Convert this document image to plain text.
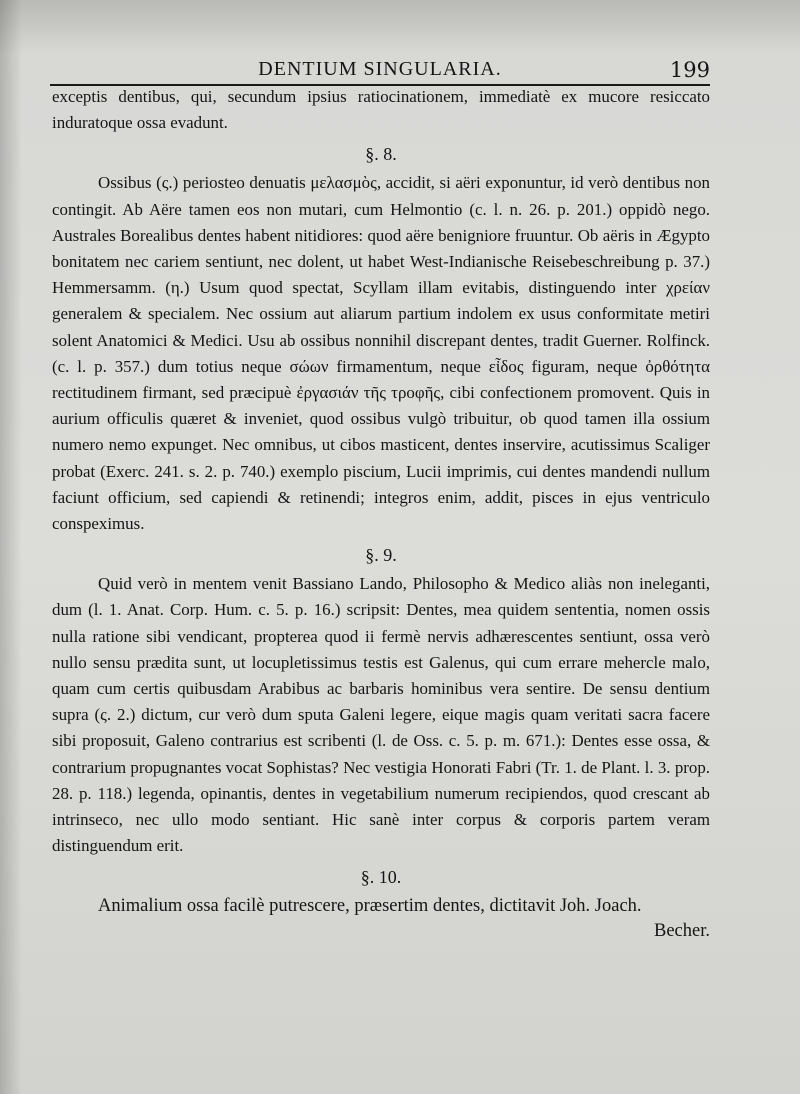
DENTIUM SINGULARIA.	199

exceptis dentibus, qui, secundum ipsius ratiocinationem, immediatè ex mucore resiccato induratoque ossa evadunt.

§. 8.

Ossibus (ς.) periosteo denuatis μελασμὸς, accidit, si aëri exponuntur, id verò dentibus non contingit. Ab Aëre tamen eos non mutari, cum Helmontio (c. l. n. 26. p. 201.) oppidò nego. Australes Borealibus dentes habent nitidiores: quod aëre benigniore fruuntur. Ob aëris in Ægypto bonitatem nec cariem sentiunt, nec dolent, ut habet West-Indianische Reisebeschreibung p. 37.) Hemmersamm. (η.) Usum quod spectat, Scyllam illam evitabis, distinguendo inter χρείαν generalem & specialem. Nec ossium aut aliarum partium indolem ex usus conformitate metiri solent Anatomici & Medici. Usu ab ossibus nonnihil discrepant dentes, tradit Guerner. Rolfinck. (c. l. p. 357.) dum totius neque σώων firmamentum, neque εἶδος figuram, neque ὀρθότητα rectitudinem firmant, sed præcipuè ἐργασιάν τῆς τροφῆς, cibi confectionem promovent. Quis in aurium officulis quæret & inveniet, quod ossibus vulgò tribuitur, ob quod tamen illa ossium numero nemo expunget. Nec omnibus, ut cibos masticent, dentes inservire, acutissimus Scaliger probat (Exerc. 241. s. 2. p. 740.) exemplo piscium, Lucii imprimis, cui dentes mandendi nullum faciunt officium, sed capiendi & retinendi; integros enim, addit, pisces in ejus ventriculo conspeximus.

§. 9.

Quid verò in mentem venit Bassiano Lando, Philosopho & Medico aliàs non ineleganti, dum (l. 1. Anat. Corp. Hum. c. 5. p. 16.) scripsit: Dentes, mea quidem sententia, nomen ossis nulla ratione sibi vendicant, propterea quod ii fermè nervis adhærescentes sentiunt, ossa verò nullo sensu prædita sunt, ut locupletissimus testis est Galenus, qui cum errare mehercle malo, quam cum certis quibusdam Arabibus ac barbaris hominibus vera sentire. De sensu dentium supra (ς. 2.) dictum, cur verò dum sputa Galeni legere, eique magis quam veritati sacra facere sibi proposuit, Galeno contrarius est scribenti (l. de Oss. c. 5. p. m. 671.): Dentes esse ossa, & contrarium propugnantes vocat Sophistas? Nec vestigia Honorati Fabri (Tr. 1. de Plant. l. 3. prop. 28. p. 118.) legenda, opinantis, dentes in vegetabilium numerum recipiendos, quod crescant ab intrinseco, nec ullo modo sentiant. Hic sanè inter corpus & corporis partem veram distinguendum erit.

§. 10.

Animalium ossa facilè putrescere, præsertim dentes, dictitavit Joh. Joach.

Becher.
